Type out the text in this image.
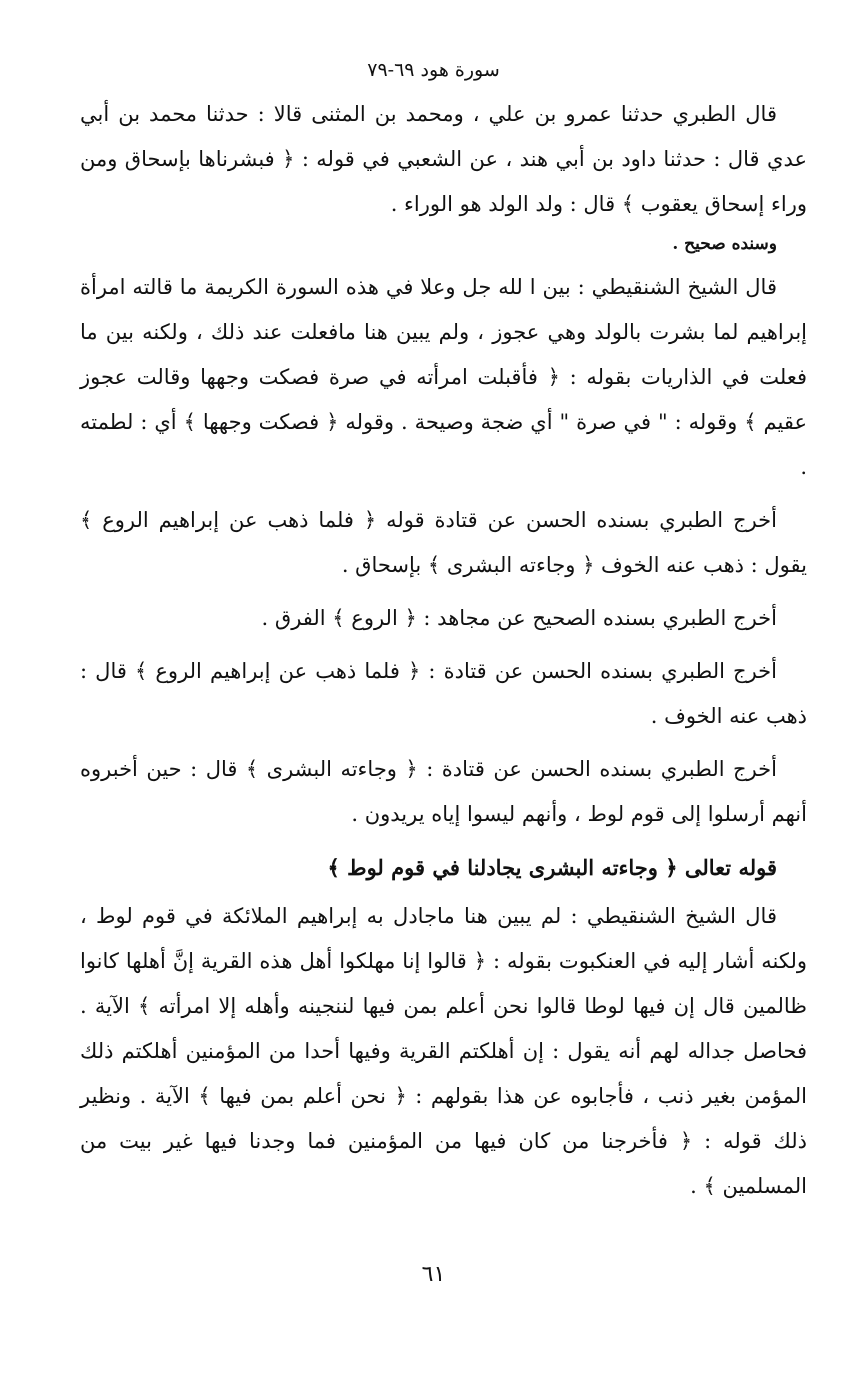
سورة هود ٦٩-٧٩
قال الطبري حدثنا عمرو بن علي ، ومحمد بن المثنى قالا : حدثنا محمد بن أبي عدي قال : حدثنا داود بن أبي هند ، عن الشعبي في قوله : ﴿ فبشرناها بإسحاق ومن وراء إسحاق يعقوب ﴾ قال : ولد الولد هو الوراء .
وسنده صحيح .
قال الشيخ الشنقيطي : بين ا لله جل وعلا في هذه السورة الكريمة ما قالته امرأة إبراهيم لما بشرت بالولد وهي عجوز ، ولم يبين هنا مافعلت عند ذلك ، ولكنه بين ما فعلت في الذاريات بقوله : ﴿ فأقبلت امرأته في صرة فصكت وجهها وقالت عجوز عقيم ﴾ وقوله : " في صرة " أي ضجة وصيحة . وقوله ﴿ فصكت وجهها ﴾ أي : لطمته .
أخرج الطبري بسنده الحسن عن قتادة قوله ﴿ فلما ذهب عن إبراهيم الروع ﴾ يقول : ذهب عنه الخوف ﴿ وجاءته البشرى ﴾ بإسحاق .
أخرج الطبري بسنده الصحيح عن مجاهد : ﴿ الروع ﴾ الفرق .
أخرج الطبري بسنده الحسن عن قتادة : ﴿ فلما ذهب عن إبراهيم الروع ﴾ قال : ذهب عنه الخوف .
أخرج الطبري بسنده الحسن عن قتادة : ﴿ وجاءته البشرى ﴾ قال : حين أخبروه أنهم أرسلوا إلى قوم لوط ، وأنهم ليسوا إياه يريدون .
قوله تعالى ﴿ وجاءته البشرى يجادلنا في قوم لوط ﴾
قال الشيخ الشنقيطي : لم يبين هنا ماجادل به إبراهيم الملائكة في قوم لوط ، ولكنه أشار إليه في العنكبوت بقوله : ﴿ قالوا إنا مهلكوا أهل هذه القرية إنَّ أهلها كانوا ظالمين قال إن فيها لوطا قالوا نحن أعلم بمن فيها لننجينه وأهله إلا امرأته ﴾ الآية . فحاصل جداله لهم أنه يقول : إن أهلكتم القرية وفيها أحدا من المؤمنين أهلكتم ذلك المؤمن بغير ذنب ، فأجابوه عن هذا بقولهم : ﴿ نحن أعلم بمن فيها ﴾ الآية . ونظير ذلك قوله : ﴿ فأخرجنا من كان فيها من المؤمنين فما وجدنا فيها غير بيت من المسلمين ﴾ .
٦١
